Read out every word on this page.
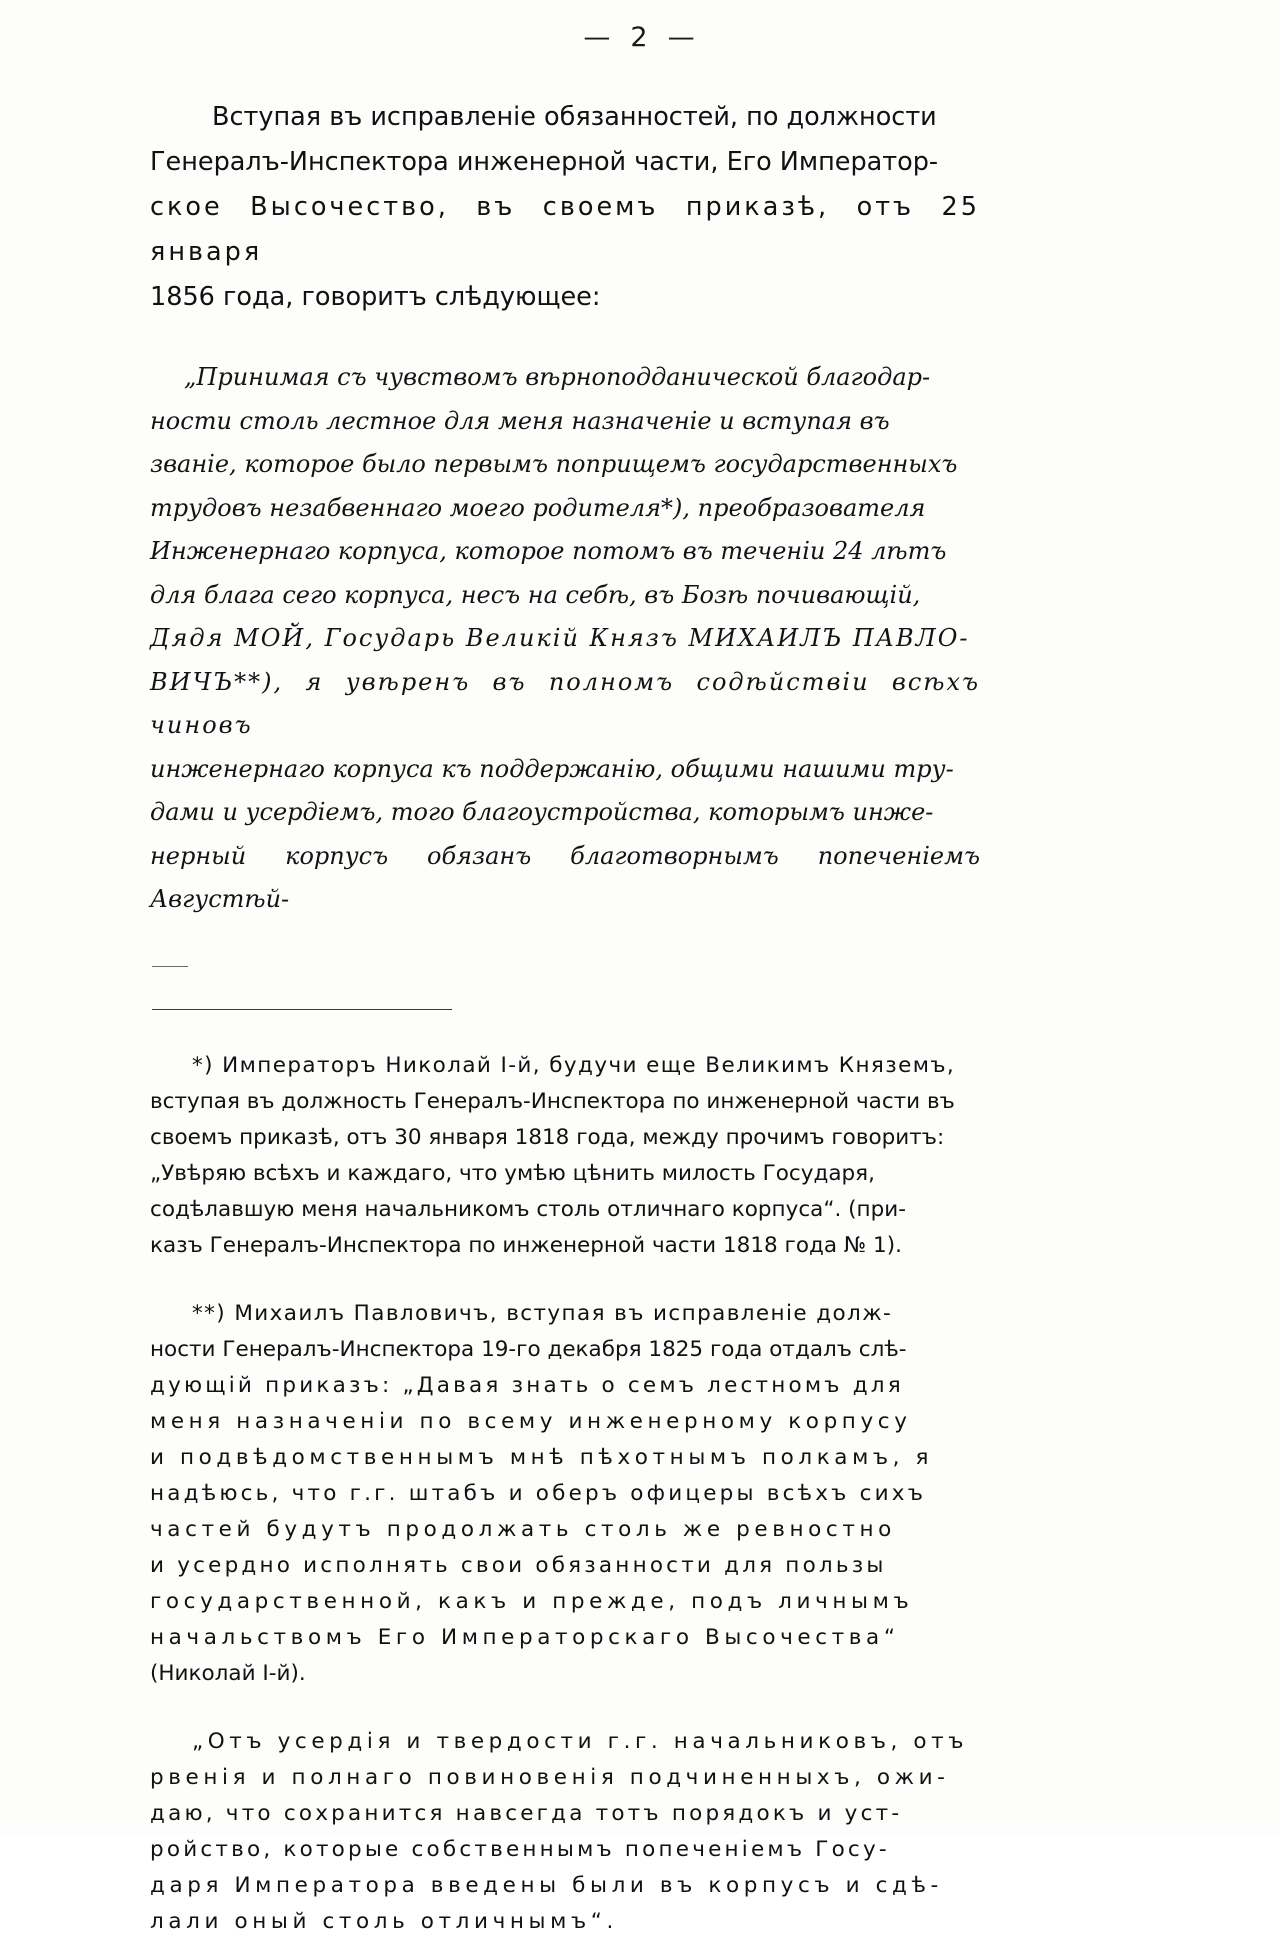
— 2 —
Вступая въ исправленіе обязанностей, по должности
Генералъ-Инспектора инженерной части, Его Император-
ское Высочество, въ своемъ приказѣ, отъ 25 января
1856 года, говоритъ слѣдующее:
„Принимая съ чувствомъ вѣрноподданической благодар-
ности столь лестное для меня назначеніе и вступая въ
званіе, которое было первымъ поприщемъ государственныхъ
трудовъ незабвеннаго моего родителя*), преобразователя
Инженернаго корпуса, которое потомъ въ теченіи 24 лѣтъ
для блага сего корпуса, несъ на себѣ, въ Бозѣ почивающій,
Дядя МОЙ, Государь Великій Князъ МИХАИЛЪ ПАВЛО-
ВИЧЪ**), я увѣренъ въ полномъ содѣйствіи всѣхъ чиновъ
инженернаго корпуса къ поддержанію, общими нашими тру-
дами и усердіемъ, того благоустройства, которымъ инже-
нерный корпусъ обязанъ благотворнымъ попеченіемъ Августѣй-
*) Императоръ Николай I-й, будучи еще Великимъ Княземъ,
вступая въ должность Генералъ-Инспектора по инженерной части въ
своемъ приказѣ, отъ 30 января 1818 года, между прочимъ говоритъ:
„Увѣряю всѣхъ и каждаго, что умѣю цѣнить милость Государя,
содѣлавшую меня начальникомъ столь отличнаго корпуса“. (при-
казъ Генералъ-Инспектора по инженерной части 1818 года № 1).
**) Михаилъ Павловичъ, вступая въ исправленіе долж-
ности Генералъ-Инспектора 19-го декабря 1825 года отдалъ слѣ-
дующій приказъ: „Давая знать о семъ лестномъ для
меня назначеніи по всему инженерному корпусу
и подвѣдомственнымъ мнѣ пѣхотнымъ полкамъ, я
надѣюсь, что г.г. штабъ и оберъ офицеры всѣхъ сихъ
частей будутъ продолжать столь же ревностно
и усердно исполнять свои обязанности для пользы
государственной, какъ и прежде, подъ личнымъ
начальствомъ Его Императорскаго Высочества“
(Николай I-й).
„Отъ усердія и твердости г.г. начальниковъ, отъ
рвенія и полнаго повиновенія подчиненныхъ, ожи-
даю, что сохранится навсегда тотъ порядокъ и уст-
ройство, которые собственнымъ попеченіемъ Госу-
даря Императора введены были въ корпусъ и сдѣ-
лали оный столь отличнымъ“.
